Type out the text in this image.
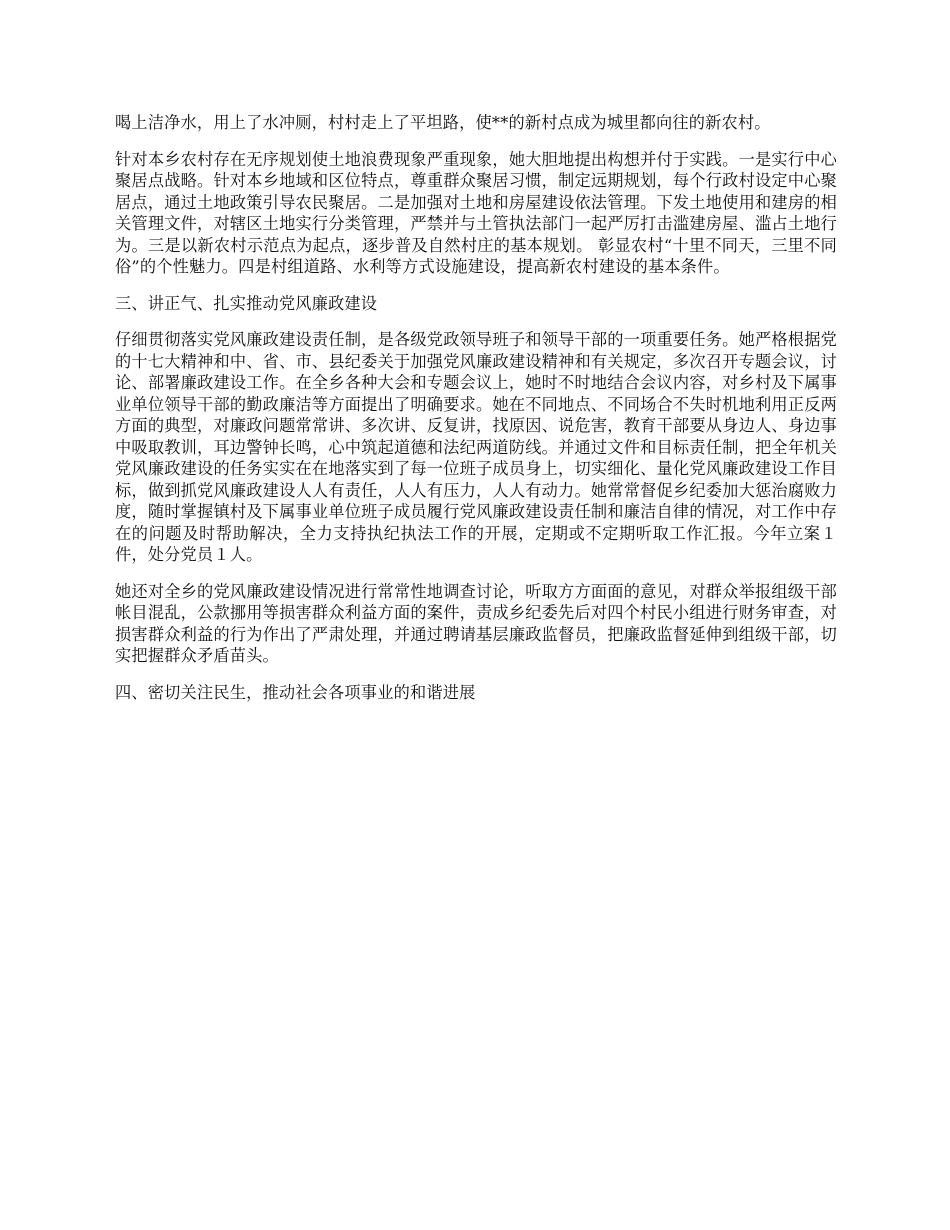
喝上洁净水，用上了水冲厕，村村走上了平坦路，使**的新村点成为城里都向往的新农村。

针对本乡农村存在无序规划使土地浪费现象严重现象，她大胆地提出构想并付于实践。一是实行中心聚居点战略。针对本乡地域和区位特点，尊重群众聚居习惯，制定远期规划，每个行政村设定中心聚居点，通过土地政策引导农民聚居。二是加强对土地和房屋建设依法管理。下发土地使用和建房的相关管理文件，对辖区土地实行分类管理，严禁并与土管执法部门一起严厉打击滥建房屋、滥占土地行为。三是以新农村示范点为起点，逐步普及自然村庄的基本规划。 彰显农村“十里不同天，三里不同俗”的个性魅力。四是村组道路、水利等方式设施建设，提高新农村建设的基本条件。

三、讲正气、扎实推动党风廉政建设

仔细贯彻落实党风廉政建设责任制，是各级党政领导班子和领导干部的一项重要任务。她严格根据党的十七大精神和中、省、市、县纪委关于加强党风廉政建设精神和有关规定，多次召开专题会议，讨论、部署廉政建设工作。在全乡各种大会和专题会议上，她时不时地结合会议内容，对乡村及下属事业单位领导干部的勤政廉洁等方面提出了明确要求。她在不同地点、不同场合不失时机地利用正反两方面的典型，对廉政问题常常讲、多次讲、反复讲，找原因、说危害，教育干部要从身边人、身边事中吸取教训，耳边警钟长鸣，心中筑起道德和法纪两道防线。并通过文件和目标责任制，把全年机关党风廉政建设的任务实实在在地落实到了每一位班子成员身上，切实细化、量化党风廉政建设工作目标，做到抓党风廉政建设人人有责任，人人有压力，人人有动力。她常常督促乡纪委加大惩治腐败力度，随时掌握镇村及下属事业单位班子成员履行党风廉政建设责任制和廉洁自律的情况，对工作中存在的问题及时帮助解决，全力支持执纪执法工作的开展，定期或不定期听取工作汇报。今年立案１件，处分党员１人。

她还对全乡的党风廉政建设情况进行常常性地调查讨论，听取方方面面的意见，对群众举报组级干部帐目混乱，公款挪用等损害群众利益方面的案件，责成乡纪委先后对四个村民小组进行财务审查，对损害群众利益的行为作出了严肃处理，并通过聘请基层廉政监督员，把廉政监督延伸到组级干部，切实把握群众矛盾苗头。

四、密切关注民生，推动社会各项事业的和谐进展
